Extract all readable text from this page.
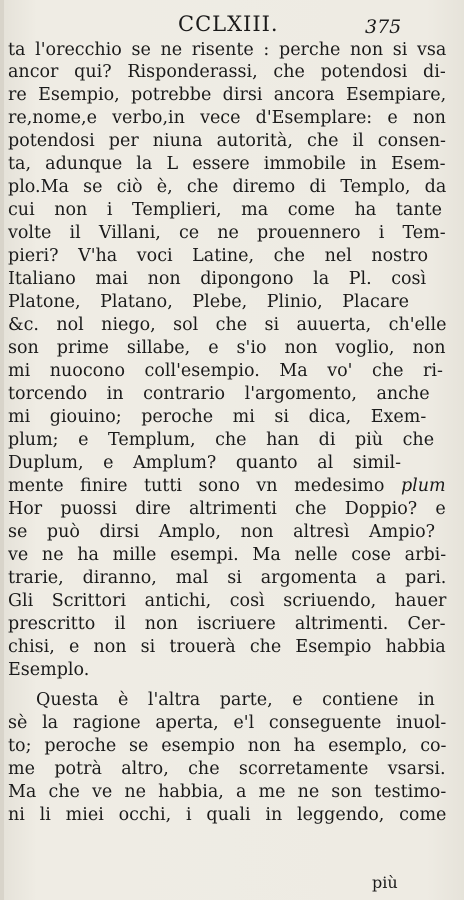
CCLXIII.	375
ta l'orecchio se ne risente : perche non si vsa
ancor qui? Risponderassi, che potendosi di-
re Esempio, potrebbe dirsi ancora Esempiare,
re,nome,e verbo,in vece d'Esemplare: e non
potendosi per niuna autorità, che il consen-
ta, adunque la L essere immobile in Esem-
plo.Ma se ciò è, che diremo di Templo, da
cui non i Templieri, ma come ha tante
volte il Villani, ce ne prouennero i Tem-
pieri? V'ha voci Latine, che nel nostro
Italiano mai non dipongono la Pl. così
Platone, Platano, Plebe, Plinio, Placare
&c. nol niego, sol che si auuerta, ch'elle
son prime sillabe, e s'io non voglio, non
mi nuocono coll'esempio. Ma vo' che ri-
torcendo in contrario l'argomento, anche
mi giouino; peroche mi si dica, Exem-
plum; e Templum, che han di più che
Duplum, e Amplum? quanto al simil-
mente finire tutti sono vn medesimo plum
Hor puossi dire altrimenti che Doppio? e
se può dirsi Amplo, non altresì Ampio?
ve ne ha mille esempi. Ma nelle cose arbi-
trarie, diranno, mal si argomenta a pari.
Gli Scrittori antichi, così scriuendo, hauer
prescritto il non iscriuere altrimenti. Cer-
chisi, e non si trouerà che Esempio habbia
Esemplo.
Questa è l'altra parte, e contiene in
sè la ragione aperta, e'l conseguente inuol-
to; peroche se esempio non ha esemplo, co-
me potrà altro, che scorretamente vsarsi.
Ma che ve ne habbia, a me ne son testimo-
ni li miei occhi, i quali in leggendo, come
più
